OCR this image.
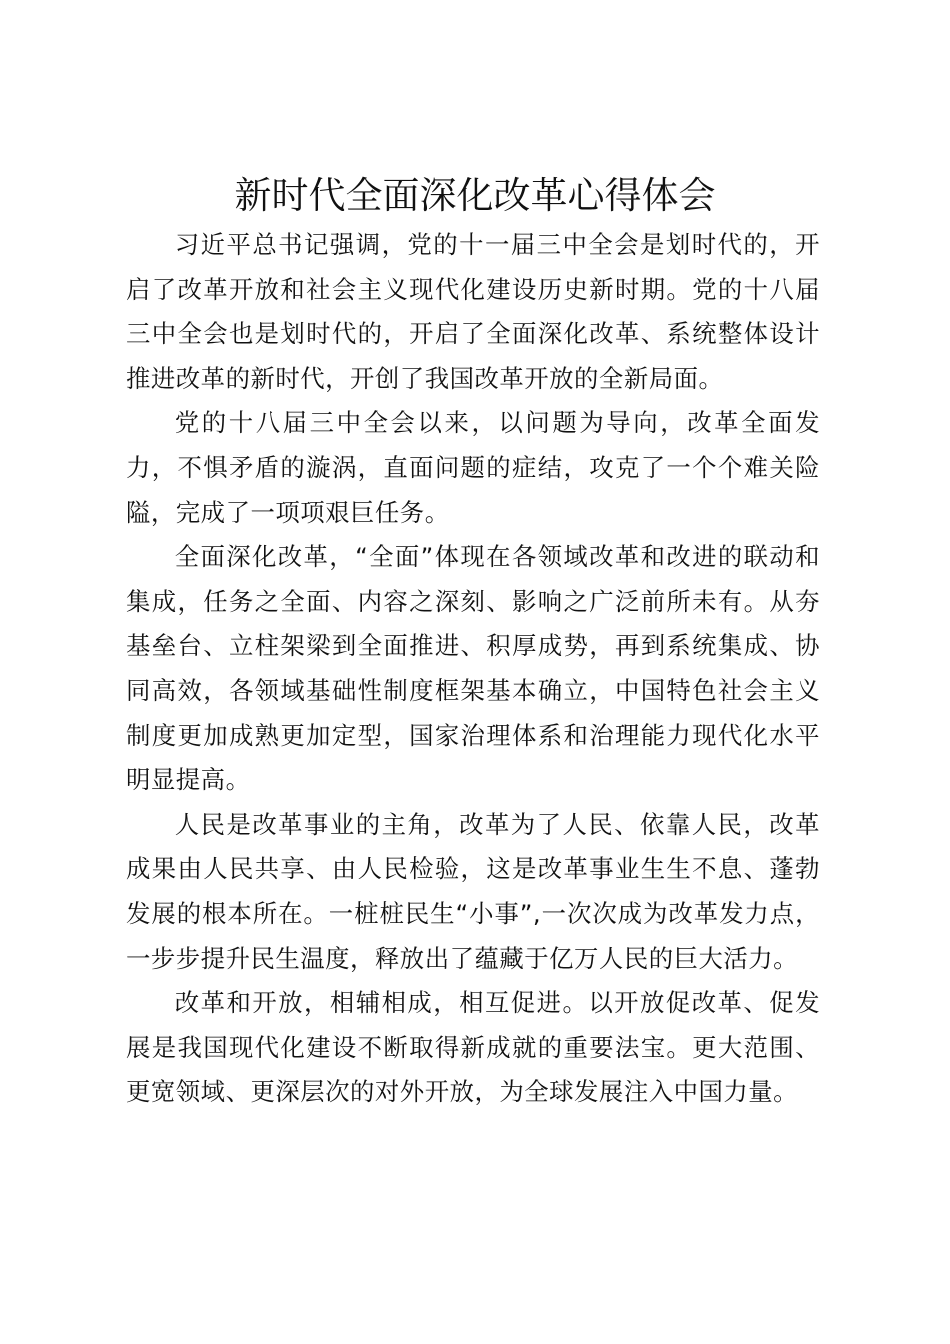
新时代全面深化改革心得体会

习近平总书记强调，党的十一届三中全会是划时代的，开启了改革开放和社会主义现代化建设历史新时期。党的十八届三中全会也是划时代的，开启了全面深化改革、系统整体设计推进改革的新时代，开创了我国改革开放的全新局面。

党的十八届三中全会以来，以问题为导向，改革全面发力，不惧矛盾的漩涡，直面问题的症结，攻克了一个个难关险隘，完成了一项项艰巨任务。

全面深化改革，“全面”体现在各领域改革和改进的联动和集成，任务之全面、内容之深刻、影响之广泛前所未有。从夯基垒台、立柱架梁到全面推进、积厚成势，再到系统集成、协同高效，各领域基础性制度框架基本确立，中国特色社会主义制度更加成熟更加定型，国家治理体系和治理能力现代化水平明显提高。

人民是改革事业的主角，改革为了人民、依靠人民，改革成果由人民共享、由人民检验，这是改革事业生生不息、蓬勃发展的根本所在。一桩桩民生“小事”,一次次成为改革发力点，一步步提升民生温度，释放出了蕴藏于亿万人民的巨大活力。

改革和开放，相辅相成，相互促进。以开放促改革、促发展是我国现代化建设不断取得新成就的重要法宝。更大范围、更宽领域、更深层次的对外开放，为全球发展注入中国力量。
